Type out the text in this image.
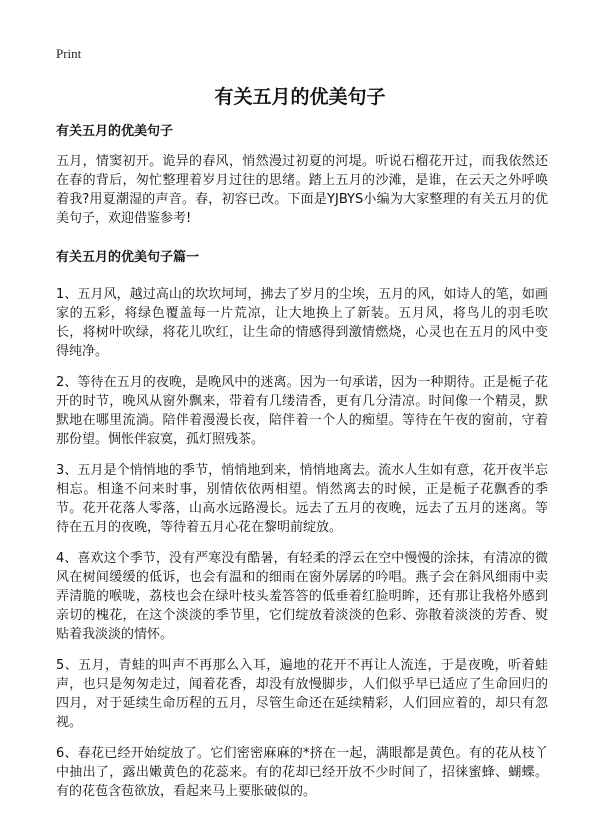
Print
有关五月的优美句子
有关五月的优美句子

五月，情窦初开。诡异的春风，悄然漫过初夏的河堤。听说石榴花开过，而我依然还在春的背后，匆忙整理着岁月过往的思绪。踏上五月的沙滩，是谁，在云天之外呼唤着我?用夏潮湿的声音。春，初容已改。下面是YJBYS小编为大家整理的有关五月的优美句子，欢迎借鉴参考!

有关五月的优美句子篇一

1、五月风，越过高山的坎坎坷坷，拂去了岁月的尘埃，五月的风，如诗人的笔，如画家的五彩，将绿色覆盖每一片荒凉，让大地换上了新装。五月风，将鸟儿的羽毛吹长，将树叶吹绿，将花儿吹红，让生命的情感得到激情燃烧，心灵也在五月的风中变得纯净。

2、等待在五月的夜晚，是晚风中的迷离。因为一句承诺，因为一种期待。正是栀子花开的时节，晚风从窗外飘来，带着有几缕清香，更有几分清凉。时间像一个精灵，默默地在哪里流淌。陪伴着漫漫长夜，陪伴着一个人的痴望。等待在午夜的窗前，守着那份望。惆怅伴寂寞，孤灯照残茶。

3、五月是个悄悄地的季节，悄悄地到来，悄悄地离去。流水人生如有意，花开夜半忘相忘。相逢不问来时事，别情依依两相望。悄然离去的时候，正是栀子花飘香的季节。花开花落人零落，山高水远路漫长。远去了五月的夜晚，远去了五月的迷离。等待在五月的夜晚，等待着五月心花在黎明前绽放。

4、喜欢这个季节，没有严寒没有酷暑，有轻柔的浮云在空中慢慢的涂抹，有清凉的微风在树间缓缓的低诉，也会有温和的细雨在窗外孱孱的吟唱。燕子会在斜风细雨中卖弄清脆的喉咙，荔枝也会在绿叶枝头羞答答的低垂着红脸明眸，还有那让我格外感到亲切的槐花，在这个淡淡的季节里，它们绽放着淡淡的色彩、弥散着淡淡的芳香、熨贴着我淡淡的情怀。

5、五月，青蛙的叫声不再那么入耳，遍地的花开不再让人流连，于是夜晚，听着蛙声，也只是匆匆走过，闻着花香，却没有放慢脚步，人们似乎早已适应了生命回归的四月，对于延续生命历程的五月，尽管生命还在延续精彩，人们回应着的，却只有忽视。

6、春花已经开始绽放了。它们密密麻麻的*挤在一起，满眼都是黄色。有的花从枝丫中抽出了，露出嫩黄色的花蕊来。有的花却已经开放不少时间了，招徕蜜蜂、蝴蝶。有的花苞含苞欲放，看起来马上要胀破似的。
